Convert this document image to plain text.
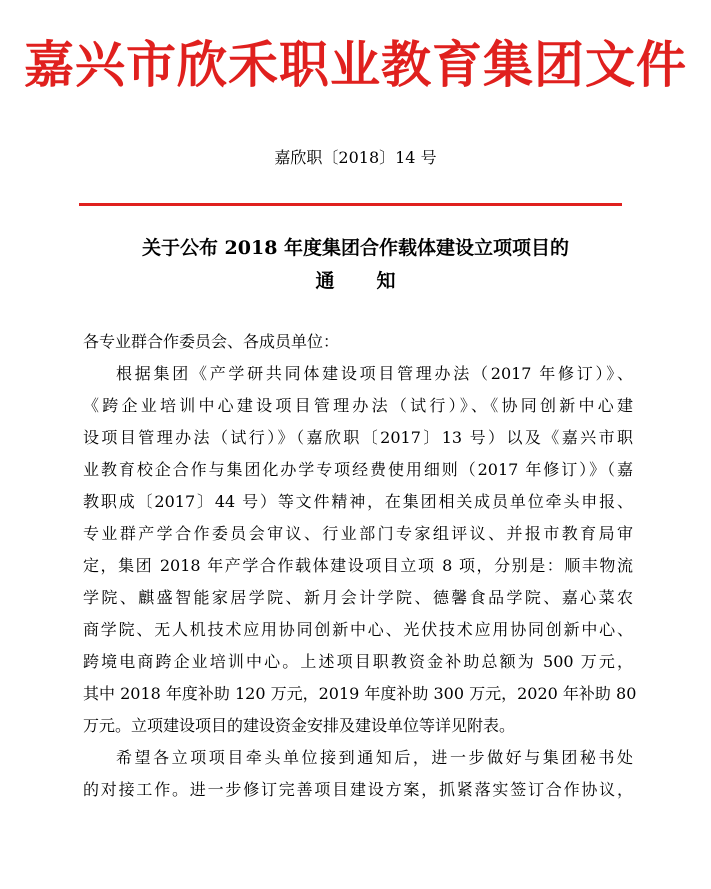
嘉兴市欣禾职业教育集团文件
嘉欣职〔2018〕14 号
关于公布 2018 年度集团合作载体建设立项项目的
通 知
各专业群合作委员会、各成员单位：
根据集团《产学研共同体建设项目管理办法（2017 年修订）》、
《跨企业培训中心建设项目管理办法（试行）》、《协同创新中心建
设项目管理办法（试行）》（嘉欣职〔2017〕13 号）以及《嘉兴市职
业教育校企合作与集团化办学专项经费使用细则（2017 年修订）》（嘉
教职成〔2017〕44 号）等文件精神，在集团相关成员单位牵头申报、
专业群产学合作委员会审议、行业部门专家组评议、并报市教育局审
定，集团 2018 年产学合作载体建设项目立项 8 项，分别是：顺丰物流
学院、麒盛智能家居学院、新月会计学院、德馨食品学院、嘉心菜农
商学院、无人机技术应用协同创新中心、光伏技术应用协同创新中心、
跨境电商跨企业培训中心。上述项目职教资金补助总额为 500 万元，
其中 2018 年度补助 120 万元，2019 年度补助 300 万元，2020 年补助 80
万元。立项建设项目的建设资金安排及建设单位等详见附表。
希望各立项项目牵头单位接到通知后，进一步做好与集团秘书处
的对接工作。进一步修订完善项目建设方案，抓紧落实签订合作协议，
